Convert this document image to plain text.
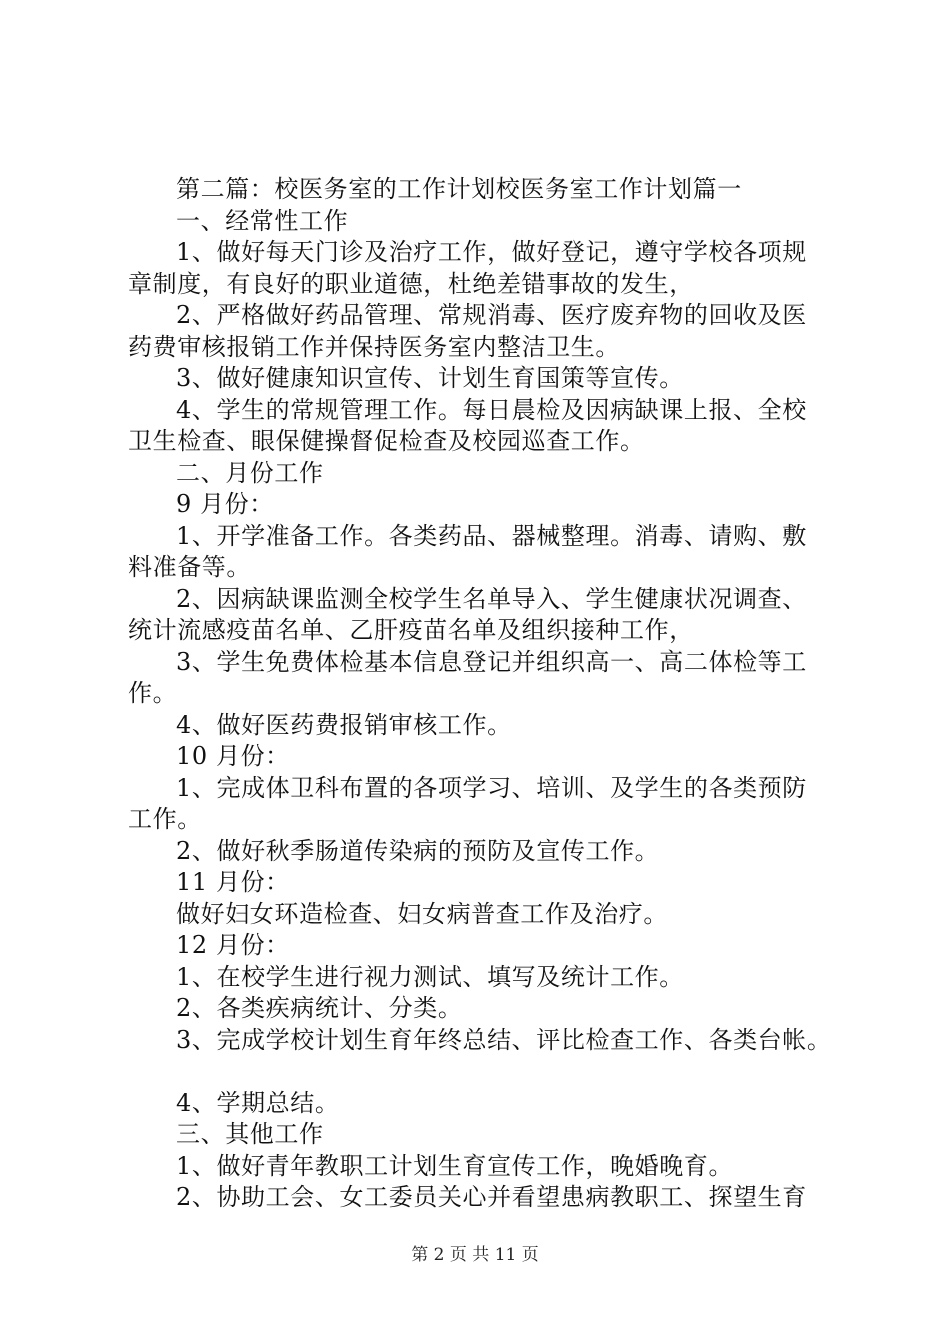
第二篇：校医务室的工作计划校医务室工作计划篇一
一、经常性工作
1、做好每天门诊及治疗工作，做好登记，遵守学校各项规
章制度，有良好的职业道德，杜绝差错事故的发生，
2、严格做好药品管理、常规消毒、医疗废弃物的回收及医
药费审核报销工作并保持医务室内整洁卫生。
3、做好健康知识宣传、计划生育国策等宣传。
4、学生的常规管理工作。每日晨检及因病缺课上报、全校
卫生检查、眼保健操督促检查及校园巡查工作。
二、月份工作
9 月份：
1、开学准备工作。各类药品、器械整理。消毒、请购、敷
料准备等。
2、因病缺课监测全校学生名单导入、学生健康状况调查、
统计流感疫苗名单、乙肝疫苗名单及组织接种工作，
3、学生免费体检基本信息登记并组织高一、高二体检等工
作。
4、做好医药费报销审核工作。
10 月份：
1、完成体卫科布置的各项学习、培训、及学生的各类预防
工作。
2、做好秋季肠道传染病的预防及宣传工作。
11 月份：
做好妇女环造检查、妇女病普查工作及治疗。
12 月份：
1、在校学生进行视力测试、填写及统计工作。
2、各类疾病统计、分类。
3、完成学校计划生育年终总结、评比检查工作、各类台帐。
4、学期总结。
三、其他工作
1、做好青年教职工计划生育宣传工作，晚婚晚育。
2、协助工会、女工委员关心并看望患病教职工、探望生育
第 2 页 共 11 页
